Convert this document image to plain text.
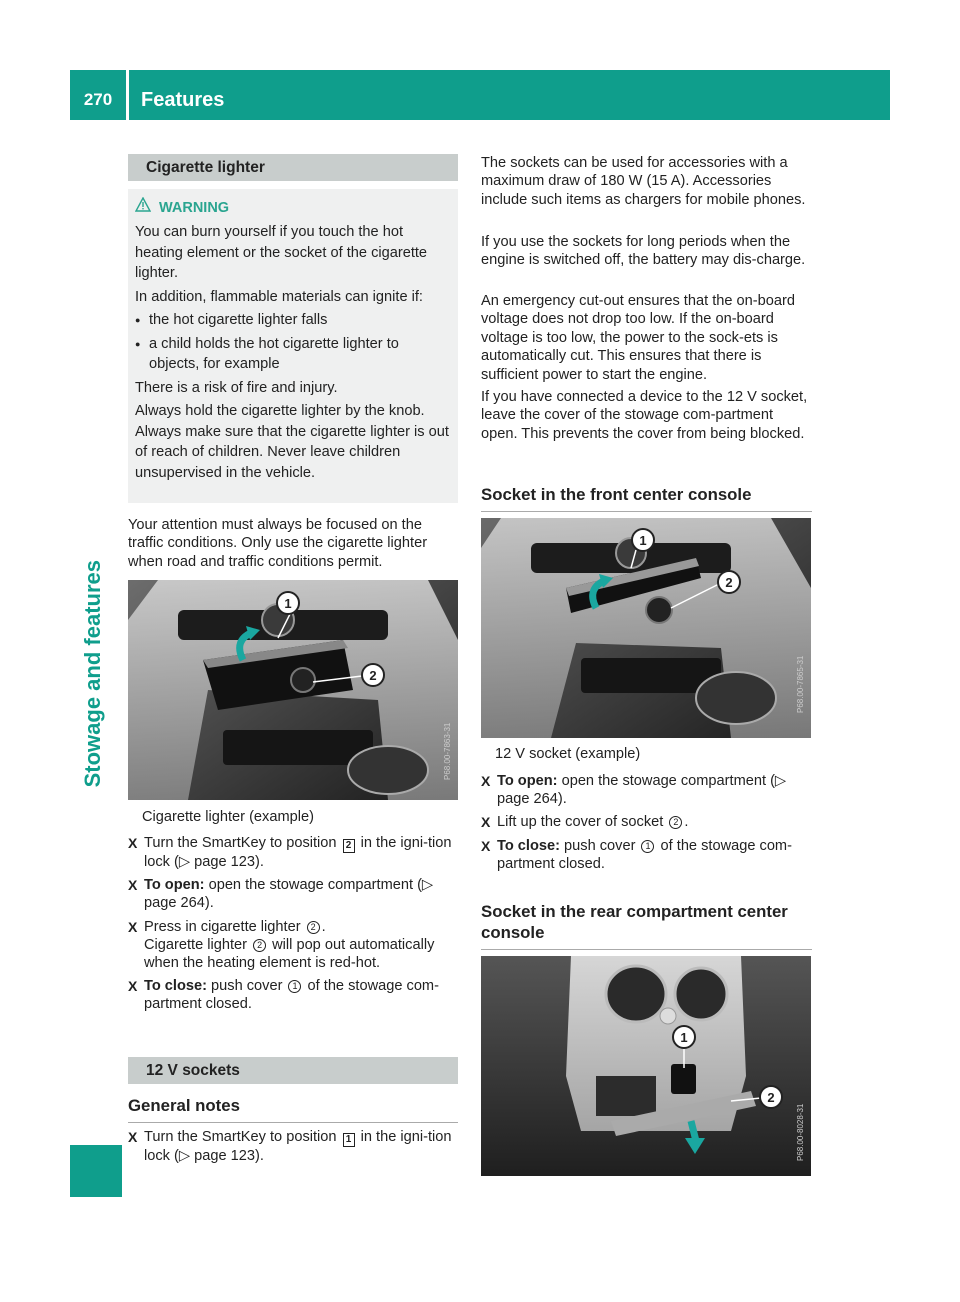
270	Features
Stowage and features
Cigarette lighter
WARNING

You can burn yourself if you touch the hot heating element or the socket of the cigarette lighter.

In addition, flammable materials can ignite if:

● the hot cigarette lighter falls
● a child holds the hot cigarette lighter to objects, for example

There is a risk of fire and injury.

Always hold the cigarette lighter by the knob. Always make sure that the cigarette lighter is out of reach of children. Never leave children unsupervised in the vehicle.

Your attention must always be focused on the traffic conditions. Only use the cigarette lighter when road and traffic conditions permit.
1
2
P68.00-7863-31
Cigarette lighter (example)
X Turn the SmartKey to position 2 in the igni-tion lock (▷ page 123).
X To open: open the stowage compartment (▷ page 264).
X Press in cigarette lighter 2 .
Cigarette lighter 2 will pop out automatically when the heating element is red-hot.
X To close: push cover 1 of the stowage com-partment closed.
12 V sockets
General notes
X Turn the SmartKey to position 1 in the igni-tion lock (▷ page 123).
The sockets can be used for accessories with a maximum draw of 180 W (15 A). Accessories include such items as chargers for mobile phones.
If you use the sockets for long periods when the engine is switched off, the battery may dis-charge.
An emergency cut-out ensures that the on-board voltage does not drop too low. If the on-board voltage is too low, the power to the sock-ets is automatically cut. This ensures that there is sufficient power to start the engine.
If you have connected a device to the 12 V socket, leave the cover of the stowage com-partment open. This prevents the cover from being blocked.
Socket in the front center console
1
2
P68.00-7865-31
12 V socket (example)
X To open: open the stowage compartment (▷ page 264).
X Lift up the cover of socket 2 .
X To close: push cover 1 of the stowage com-partment closed.
Socket in the rear compartment center console
1
2
P68.00-8028-31
